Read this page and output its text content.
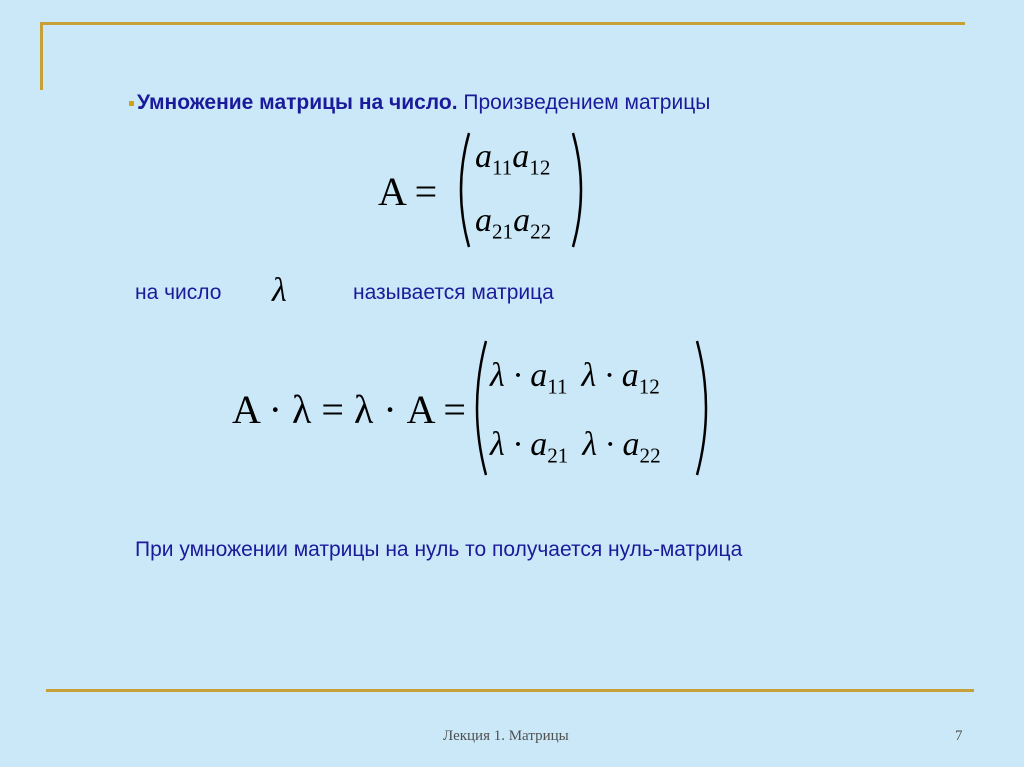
Умножение матрицы на число. Произведением матрицы
A =
$a_{11}a_{12}$
$a_{21}a_{22}$
на число λ	называется матрица
A · λ = λ · A =
$\lambda \cdot a_{11}$ $\lambda \cdot a_{12}$
$\lambda \cdot a_{21}$ $\lambda \cdot a_{22}$
При умножении матрицы на нуль то получается нуль-матрица
Лекция 1. Матрицы	7
